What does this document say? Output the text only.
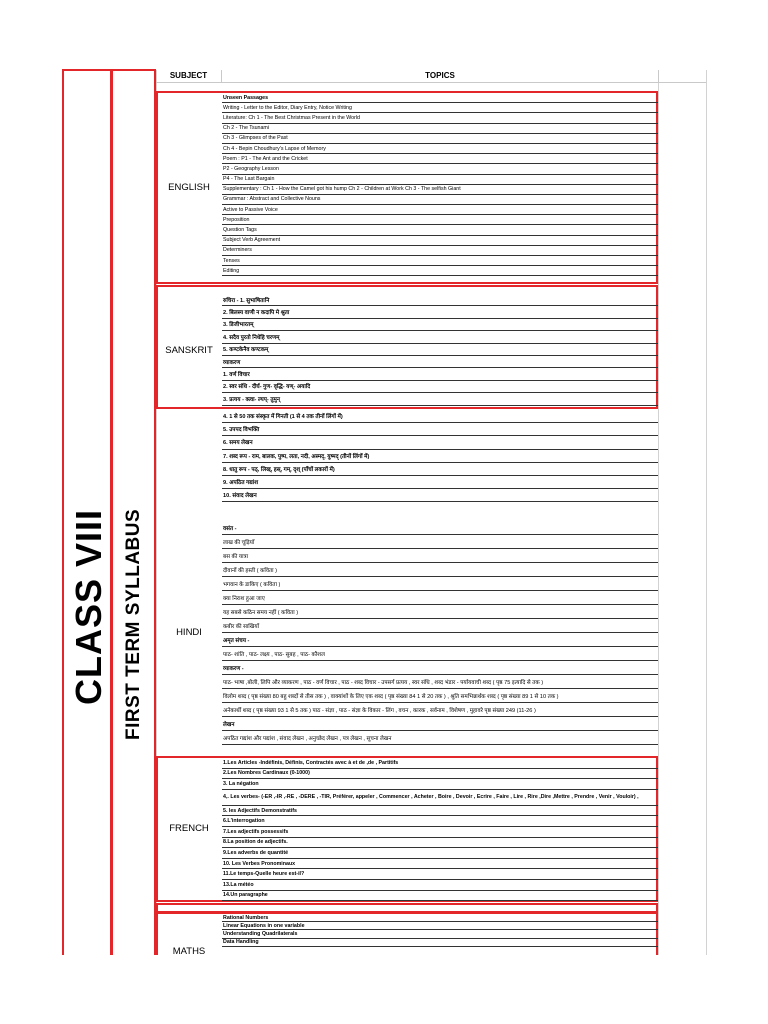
CLASS VIII FIRST TERM SYLLABUS
SUBJECT	TOPICS
ENGLISH
Unseen Passages
Writing - Letter to the Editor, Diary Entry, Notice Writing
Literature: Ch 1 - The Best Christmas Present in the World
Ch 2 - The Tsunami
Ch 3 - Glimpses of the Past
Ch 4 - Bepin Choudhury's Lapse of Memory
Poem : P1 - The Ant and the Cricket
P2 - Geography Lesson
P4 - The Last Bargain
Supplementary : Ch 1 - How the Camel got his hump Ch 2 - Children at Work Ch 3 - The selfish Giant
Grammar : Abstract and Collective Nouns
Active to Passive Voice
Preposition
Question Tags
Subject Verb Agreement
Determiners
Tenses
Editing
SANSKRIT
रुचिरा - 1. सुभाषितानि
2. बिलस्य वाणी न कदापि मे श्रुता
3. डिजीभारतम्
4. सदैव पुरतो निधेहि चरणम्
5. कण्टकेनैव कण्टकम्
व्याकरण
1. वर्ण विचार
2. स्वर संधि - दीर्घ- गुण- वृद्धि- यण्- अयादि
3. प्रत्यय - क्त्वा- ल्यप्- तुमुन्
4. 1 से 50 तक संस्कृत में गिनती (1 से 4 तक तीनों लिंगों में)
5. उपपद विभक्ति
6. समय लेखन
7. शब्द रूप - राम, बालक, पुष्प, लता, नदी, अस्मद्, युष्मद् (तीनों लिंगों में)
8. धातु रूप - पठ्, लिख्, हस्, गम्, दृश् (पाँचों लकारों में)
9. अपठित गद्यांश
10. संवाद लेखन
वसंत -
लाख की चूड़ियाँ
बस की यात्रा
दीवानों की हस्ती ( कविता )
भगवान के डाकिए ( कविता )
क्या निराश हुआ जाए
यह सबसे कठिन समय नहीं ( कविता )
कबीर की साखियाँ
अमृत संचय -
पाठ- शांति , पाठ- लक्ष्य , पाठ- सुबह , पाठ- कौशल
व्याकरण -
पाठ- भाषा ,बोली, लिपि और व्याकरण , पाठ - वर्ण विचार , पाठ - शब्द विचार - उपसर्ग प्रत्यय , स्वर संधि , शब्द भंडार - पर्यायवाची शब्द ( पृष्ठ 75 इत्यादि से तक )
विलोम शब्द ( पृष्ठ संख्या 80 बहु शब्दों से तीस तक ) , वाक्यांशों के लिए एक शब्द ( पृष्ठ संख्या 84 1 से 20 तक ) , श्रुति समभिन्नार्थक शब्द ( पृष्ठ संख्या 89 1 से 10 तक )
अनेकार्थी शब्द ( पृष्ठ संख्या 93 1 से 5 तक ) पाठ - संज्ञा , पाठ - संज्ञा के विकार - लिंग , वचन , कारक , सर्वनाम , विशेषण , मुहावरे पृष्ठ संख्या 249 (11-26 )
लेखन
अपठित गद्यांश और पद्यांश , संवाद लेखन , अनुच्छेद लेखन , पत्र लेखन , सूचना लेखन
HINDI
FRENCH
1.Les Articles -Indéfinis, Définis, Contractés avec à et de ,de , Partitifs
2.Les Nombres Cardinaux (0-1000)
3. La négation
4,. Les verbes- (-ER ,-IR ,-RE , -DERE , -TIR, Préférer, appeler , Commencer , Acheter , Boire , Devoir , Ecrire , Faire , Lire , Rire ,Dire ,Mettre , Prendre , Venir , Vouloir) ,
5. les Adjectifs Demonstratifs
6.L'interrogation
7.Les adjectifs possessifs
8.La position de adjectifs.
9.Les adverbs de quantité
10. Les Verbes Pronominaux
11.Le temps-Quelle heure est-il?
13.La météo
14.Un paragraphe
MATHS
Rational Numbers
Linear Equations in one variable
Understanding Quadrilaterals
Data Handling
